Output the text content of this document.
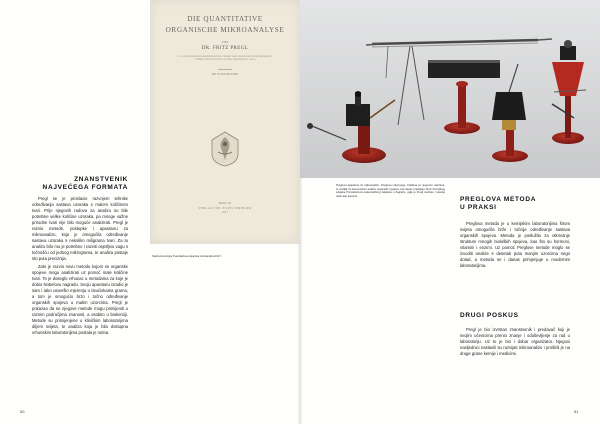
DIE QUANTITATIVE
ORGANISCHE MIKROANALYSE
VON
DR. FRITZ PREGL
O. Ö. PROFESSOR DER MEDIZINISCHEN CHEMIE UND VORSTAND DES MEDIZINISCH-CHEMISCHEN INSTITUTS AN DER UNIVERSITÄT GRAZ
MIT 38 TEXTFIGUREN
BERLIN
VERLAG VON JULIUS SPRINGER
1917
Naslovnica knjige Kvantitativna organska mikroanaliza 1917.
ZNANSTVENIK
NAJVEĆEGA FORMATA

Pregl se je proslavio razvojem tehnike određivanja sastava uzoraka s malom količinom tvari. Prije njegovih radova za analizu su bile potrebne velike količine uzoraka, pa mnoge važne prirodne tvari nije bilo moguće analizirati. Pregl je razvio metode, postupke i aparaturu za mikroanalizu, koja je omogućila određivanje sastava uzoraka s nekoliko miligrama tvari. Za tu analizu bilo mu je potrebno i razviti osjetljivu vagu s točnošću od jednog mikrograma, te analiza postaje sto puta preciznija.

Zato je razvio novu metodu kojom se organske spojeve mogu analizirati uz pomoć male količine tvari. To je doseglo vrhunac u metodama za koje je dobio Nobelovu nagradu. Svoju aparaturu izradio je sam i tako usavršio mjerenja u tisućinkama grama, a tom je omogućio brzo i točno određivanje organskih spojeva u malim uzorcima. Pregl je pokazao da se njegove metode mogu primijeniti u raznim područjima znanosti, a osobito u biokemiji. Metode su primijenjene u kliničkim laboratorijima diljem svijeta, te analiza koja je bila dostupna vrhunskim laboratorijima postala je rutina.

50
Preglova aparatura za mikroanalizu. Preglova mikrovaga, izrađena po njegovim nacrtima, te uređaji za elementarnu analizu organskih spojeva, koji danas pripadaju zbirci Kemijskog odsjeka Prirodoslovno-matematičkog fakulteta u Zagrebu, gdje je Pregl studirao i kasnije radio kao asistent.	PREGLOVA METODA
U PRAKSI

Preglova metoda je u kemijskim laboratorijima širom svijeta omogućila brže i točnije određivanje sastava organskih spojeva. Metoda je poslužila za otkrivanje strukture mnogih bioloških spojeva, kao što su hormoni, vitamini i enzimi. Uz pomoć Preglove metode moglo se izvoditi analize s desetak puta manjim uzorcima nego dotad, a metoda se i danas primjenjuje u modernim laboratorijima.

DRUGI POSKUS

Pregl je bio izvrstan znanstvenik i predavač koji je svojim učenicima prenio znanje i oduševljenje za rad u laboratoriju. Uz to je bio i dobar organizator. Njegovi nasljednici nastavili su razvijati mikroanalizu i proširili je na druge grane kemije i medicine.

51
